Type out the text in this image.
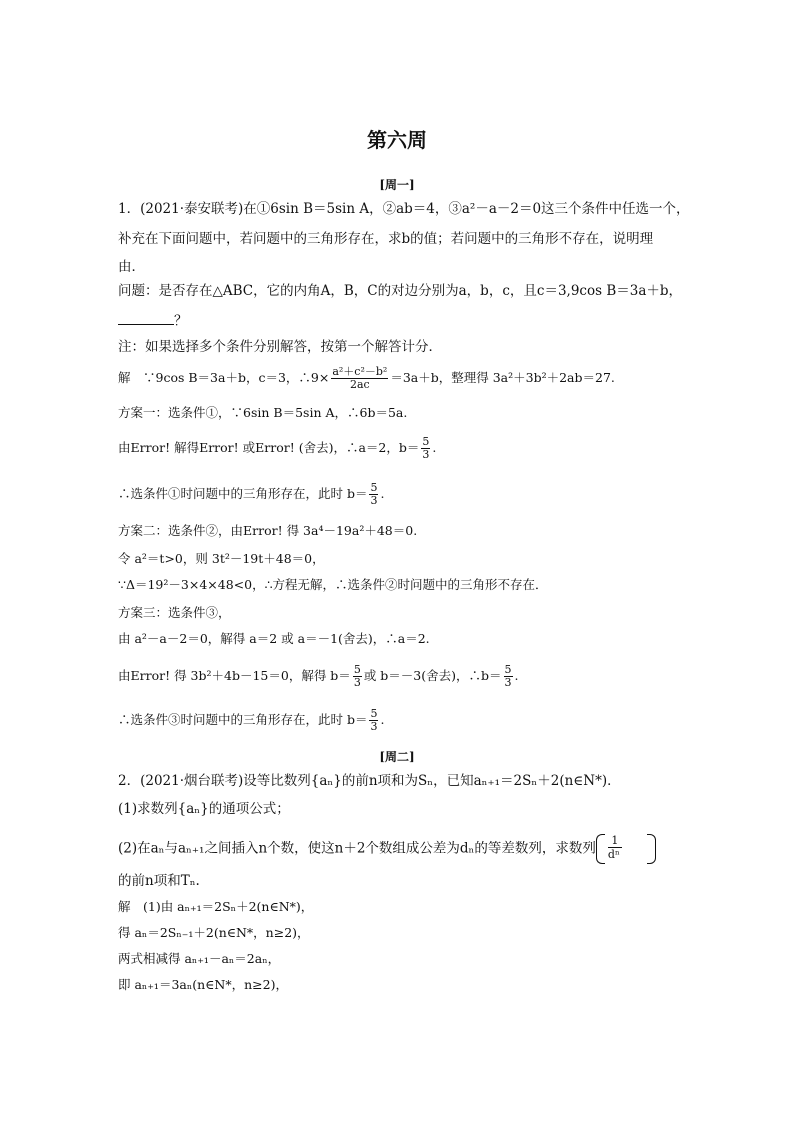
第六周
[周一]
1．(2021·泰安联考)在①6sin B＝5sin A，②ab＝4，③a²－a－2＝0这三个条件中任选一个，
补充在下面问题中，若问题中的三角形存在，求b的值；若问题中的三角形不存在，说明理
由．
问题：是否存在△ABC，它的内角A，B，C的对边分别为a，b，c，且c＝3,9cos B＝3a＋b，
？
注：如果选择多个条件分别解答，按第一个解答计分．
解　∵9cos B＝3a＋b，c＝3，∴9× $\frac{\text{a²＋c²－b²}}{2ac} =3a+b$，整理得 3a²＋3b²＋2ab＝27.
方案一：选条件①，∵6sin B＝5sin A，∴6b＝5a.
由Error! 解得Error! 或Error! (舍去)，∴a＝2，$b= \frac{5}{3}$ .
∴选条件①时问题中的三角形存在，此时 $b= \frac{5}{3}$ .
方案二：选条件②，由Error! 得 3a⁴－19a²＋48＝0.
令 a²＝t>0，则 3t²－19t＋48＝0，
∵Δ＝19²－3×4×48<0，∴方程无解，∴选条件②时问题中的三角形不存在．
方案三：选条件③，
由 a²－a－2＝0，解得 a＝2 或 a＝－1(舍去)，∴a＝2.
由Error! 得 3b²＋4b－15＝0，解得 $b= \frac{5}{3}$ 或 b＝－3(舍去)，∴b＝ $\frac{5}{3}$ .
∴选条件③时问题中的三角形存在，此时 $b= \frac{5}{3}$ .
[周二]
2．(2021·烟台联考)设等比数列{aₙ}的前n项和为Sₙ，已知aₙ₊₁＝2Sₙ＋2(n∈N*)．
(1)求数列{aₙ}的通项公式；
(2)在aₙ与aₙ₊₁之间插入n个数，使这n＋2个数组成公差为dₙ的等差数列，求数列 $\frac{1}{\text{dⁿ}}$
的前n项和Tₙ.
解　(1)由 aₙ₊₁＝2Sₙ＋2(n∈N*)，
得 aₙ＝2Sₙ₋₁＋2(n∈N*，n≥2)，
两式相减得 aₙ₊₁－aₙ＝2aₙ，
即 aₙ₊₁＝3aₙ(n∈N*，n≥2)，
